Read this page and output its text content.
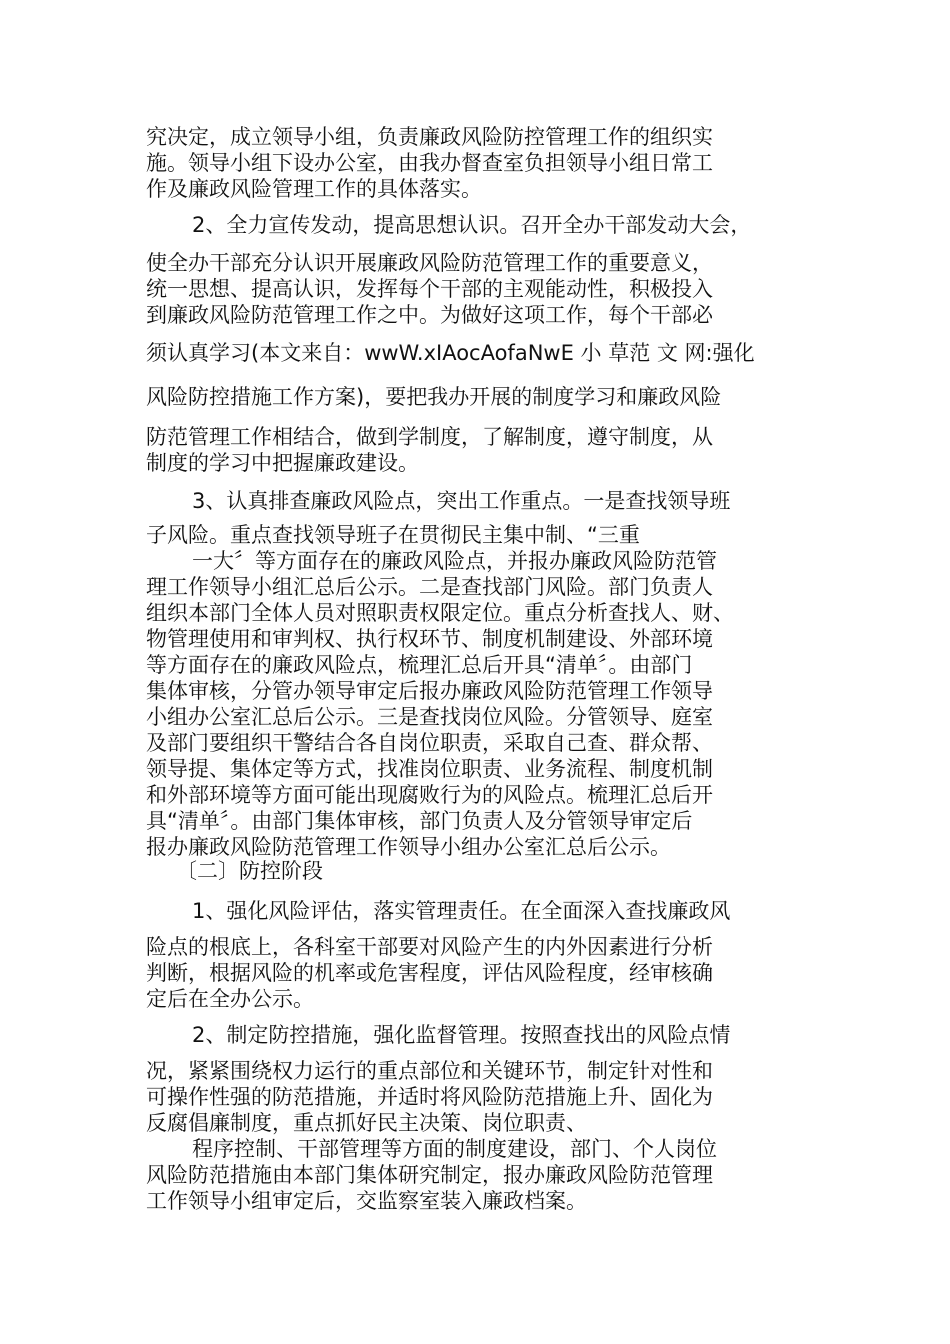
究决定，成立领导小组，负责廉政风险防控管理工作的组织实
施。领导小组下设办公室，由我办督查室负担领导小组日常工
作及廉政风险管理工作的具体落实。
2、全力宣传发动，提高思想认识。召开全办干部发动大会，
使全办干部充分认识开展廉政风险防范管理工作的重要意义，
统一思想、提高认识，发挥每个干部的主观能动性，积极投入
到廉政风险防范管理工作之中。为做好这项工作，每个干部必
须认真学习(本文来自：wwW.xIAocAofaNwE 小 草范 文 网:强化
风险防控措施工作方案)，要把我办开展的制度学习和廉政风险
防范管理工作相结合，做到学制度，了解制度，遵守制度，从
制度的学习中把握廉政建设。
3、认真排查廉政风险点，突出工作重点。一是查找领导班
子风险。重点查找领导班子在贯彻民主集中制、“三重
一大〞等方面存在的廉政风险点，并报办廉政风险防范管
理工作领导小组汇总后公示。二是查找部门风险。部门负责人
组织本部门全体人员对照职责权限定位。重点分析查找人、财、
物管理使用和审判权、执行权环节、制度机制建设、外部环境
等方面存在的廉政风险点，梳理汇总后开具“清单〞。由部门
集体审核，分管办领导审定后报办廉政风险防范管理工作领导
小组办公室汇总后公示。三是查找岗位风险。分管领导、庭室
及部门要组织干警结合各自岗位职责，采取自己查、群众帮、
领导提、集体定等方式，找准岗位职责、业务流程、制度机制
和外部环境等方面可能出现腐败行为的风险点。梳理汇总后开
具“清单〞。由部门集体审核，部门负责人及分管领导审定后
报办廉政风险防范管理工作领导小组办公室汇总后公示。
〔二〕防控阶段
1、强化风险评估，落实管理责任。在全面深入查找廉政风
险点的根底上，各科室干部要对风险产生的内外因素进行分析
判断，根据风险的机率或危害程度，评估风险程度，经审核确
定后在全办公示。
2、制定防控措施，强化监督管理。按照查找出的风险点情
况，紧紧围绕权力运行的重点部位和关键环节，制定针对性和
可操作性强的防范措施，并适时将风险防范措施上升、固化为
反腐倡廉制度，重点抓好民主决策、岗位职责、
程序控制、干部管理等方面的制度建设，部门、个人岗位
风险防范措施由本部门集体研究制定，报办廉政风险防范管理
工作领导小组审定后，交监察室装入廉政档案。
